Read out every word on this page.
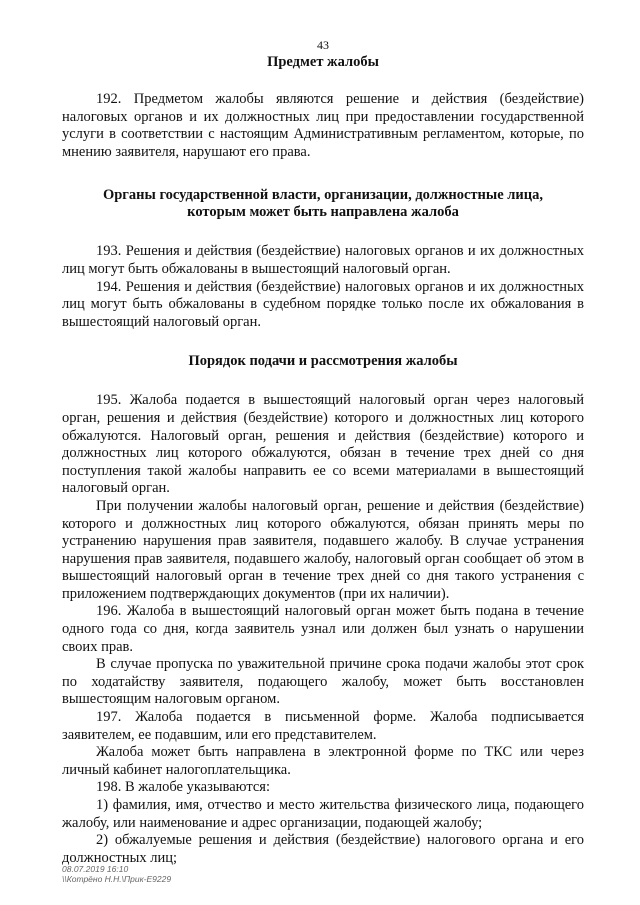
43
Предмет жалобы

192. Предметом жалобы являются решение и действия (бездействие) налоговых органов и их должностных лиц при предоставлении государственной услуги в соответствии с настоящим Административным регламентом, которые, по мнению заявителя, нарушают его права.

Органы государственной власти, организации, должностные лица,
которым может быть направлена жалоба

193. Решения и действия (бездействие) налоговых органов и их должностных лиц могут быть обжалованы в вышестоящий налоговый орган.

194. Решения и действия (бездействие) налоговых органов и их должностных лиц могут быть обжалованы в судебном порядке только после их обжалования в вышестоящий налоговый орган.

Порядок подачи и рассмотрения жалобы

195. Жалоба подается в вышестоящий налоговый орган через налоговый орган, решения и действия (бездействие) которого и должностных лиц которого обжалуются. Налоговый орган, решения и действия (бездействие) которого и должностных лиц которого обжалуются, обязан в течение трех дней со дня поступления такой жалобы направить ее со всеми материалами в вышестоящий налоговый орган.

При получении жалобы налоговый орган, решение и действия (бездействие) которого и должностных лиц которого обжалуются, обязан принять меры по устранению нарушения прав заявителя, подавшего жалобу. В случае устранения нарушения прав заявителя, подавшего жалобу, налоговый орган сообщает об этом в вышестоящий налоговый орган в течение трех дней со дня такого устранения с приложением подтверждающих документов (при их наличии).

196. Жалоба в вышестоящий налоговый орган может быть подана в течение одного года со дня, когда заявитель узнал или должен был узнать о нарушении своих прав.

В случае пропуска по уважительной причине срока подачи жалобы этот срок по ходатайству заявителя, подающего жалобу, может быть восстановлен вышестоящим налоговым органом.

197. Жалоба подается в письменной форме. Жалоба подписывается заявителем, ее подавшим, или его представителем.

Жалоба может быть направлена в электронной форме по ТКС или через личный кабинет налогоплательщика.

198. В жалобе указываются:

1) фамилия, имя, отчество и место жительства физического лица, подающего жалобу, или наименование и адрес организации, подающей жалобу;

2) обжалуемые решения и действия (бездействие) налогового органа и его должностных лиц;

08.07.2019 16:10
\\Котрёно Н.Н.\Прик-Е9229
